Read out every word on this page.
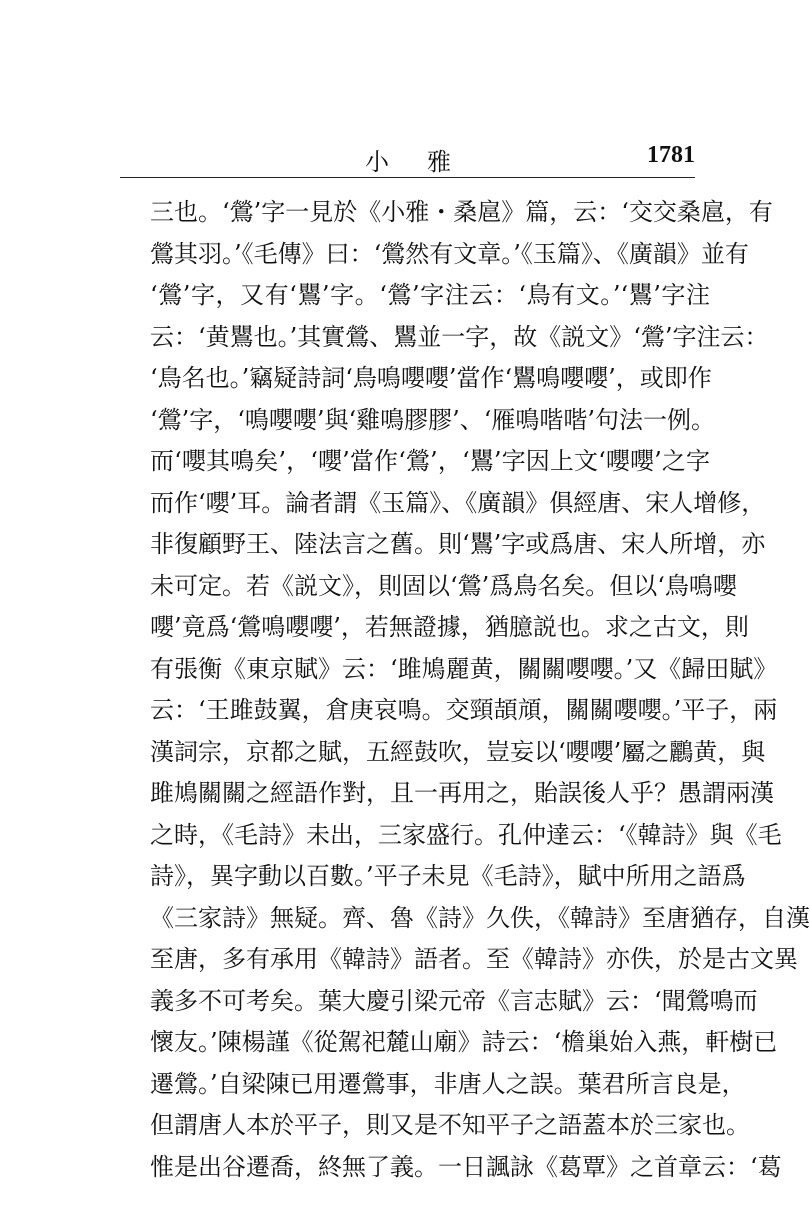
小雅	1781
三也。‘鶯’字一見於《小雅・桑扈》篇，云：‘交交桑扈，有
鶯其羽。’《毛傳》曰：‘鶯然有文章。’《玉篇》、《廣韻》並有
‘鶯’字，又有‘鸎’字。‘鶯’字注云：‘鳥有文。’‘鸎’字注
云：‘黄鸎也。’其實鶯、鸎並一字，故《説文》‘鶯’字注云：
‘鳥名也。’竊疑詩詞‘鳥鳴嚶嚶’當作‘鸎鳴嚶嚶’，或即作
‘鶯’字，‘鳴嚶嚶’與‘雞鳴膠膠’、‘雁鳴喈喈’句法一例。
而‘嚶其鳴矣’，‘嚶’當作‘鶯’，‘鸎’字因上文‘嚶嚶’之字
而作‘嚶’耳。論者謂《玉篇》、《廣韻》俱經唐、宋人增修，
非復顧野王、陸法言之舊。則‘鸎’字或爲唐、宋人所增，亦
未可定。若《説文》，則固以‘鶯’爲鳥名矣。但以‘鳥鳴嚶
嚶’竟爲‘鶯鳴嚶嚶’，若無證據，猶臆説也。求之古文，則
有張衡《東京賦》云：‘雎鳩麗黄，關關嚶嚶。’又《歸田賦》
云：‘王雎鼓翼，倉庚哀鳴。交頸頡頏，關關嚶嚶。’平子，兩
漢詞宗，京都之賦，五經鼓吹，豈妄以‘嚶嚶’屬之鸝黄，與
雎鳩關關之經語作對，且一再用之，貽誤後人乎？愚謂兩漢
之時，《毛詩》未出，三家盛行。孔仲達云：‘《韓詩》與《毛
詩》，異字動以百數。’平子未見《毛詩》，賦中所用之語爲
《三家詩》無疑。齊、魯《詩》久佚，《韓詩》至唐猶存，自漢
至唐，多有承用《韓詩》語者。至《韓詩》亦佚，於是古文異
義多不可考矣。葉大慶引梁元帝《言志賦》云：‘聞鶯鳴而
懷友。’陳楊謹《從駕祀麓山廟》詩云：‘檐巢始入燕，軒樹已
遷鶯。’自梁陳已用遷鶯事，非唐人之誤。葉君所言良是，
但謂唐人本於平子，則又是不知平子之語蓋本於三家也。
惟是出谷遷喬，終無了義。一日諷詠《葛覃》之首章云：‘葛
